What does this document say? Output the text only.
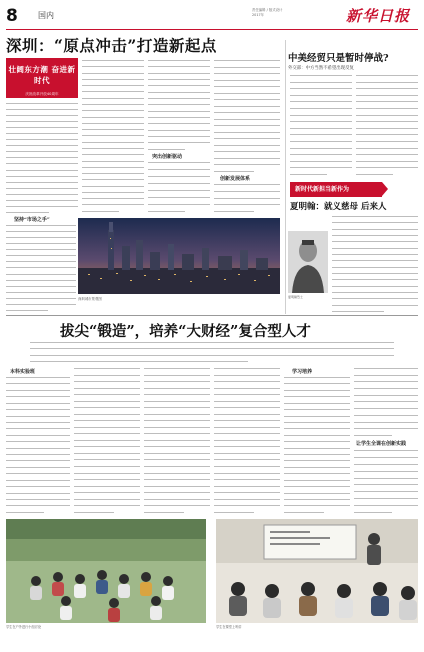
8	国内
责任编辑 / 版式设计
2017年	新华日报
深圳：“原点冲击”打造新起点
壮阔东方潮 奋进新时代
庆祝改革开放40周年
坚持“市场之手”
突出创新驱动
创新发展体系
深圳城市景观图
中美经贸只是暂时停战?
外交部：中方当然不希望出现反复
新时代新担当新作为
夏明翰：就义慈母 后来人
夏明翰烈士
拔尖“锻造”，培养“大财经”复合型人才
本科实验班	学习培养
让学生全课在创新实践
学生在户外进行小组讨论	学生在课堂上听讲
